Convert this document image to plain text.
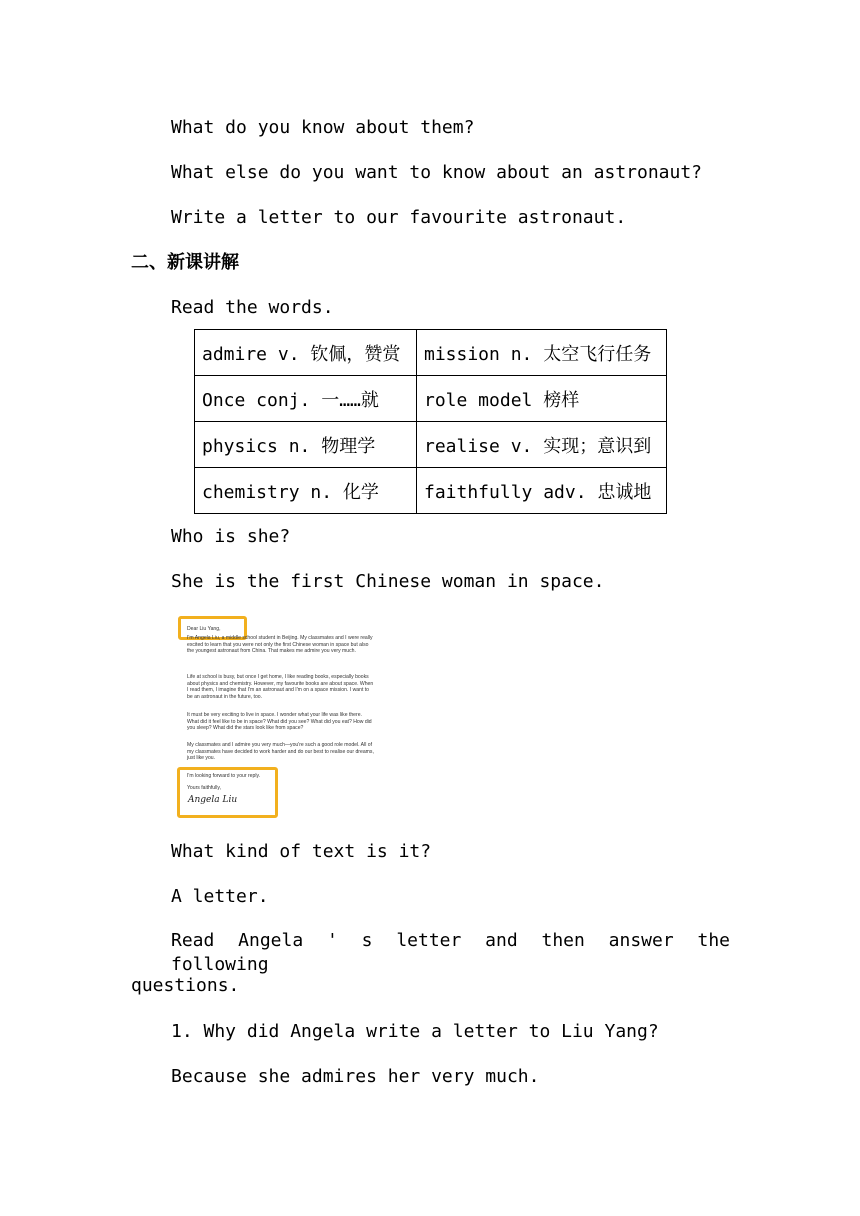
What do you know about them?
What else do you want to know about an astronaut?
Write a letter to our favourite astronaut.
二、新课讲解
Read the words.
admire v. 钦佩，赞赏	mission n. 太空飞行任务
Once conj. 一……就	role model 榜样
physics n. 物理学	realise v. 实现；意识到
chemistry n. 化学	faithfully adv. 忠诚地
Who is she?
She is the first Chinese woman in space.

Dear Liu Yang,

I'm Angela Liu, a middle school student in Beijing. My classmates and I were really excited to learn that you were not only the first Chinese woman in space but also the youngest astronaut from China. That makes me admire you very much.

Life at school is busy, but once I get home, I like reading books, especially books about physics and chemistry. However, my favourite books are about space. When I read them, I imagine that I'm an astronaut and I'm on a space mission. I want to be an astronaut in the future, too.

It must be very exciting to live in space. I wonder what your life was like there. What did it feel like to be in space? What did you see? What did you eat? How did you sleep? What did the stars look like from space?

My classmates and I admire you very much—you're such a good role model. All of my classmates have decided to work harder and do our best to realise our dreams, just like you.

I'm looking forward to your reply.

Yours faithfully,

Angela Liu
What kind of text is it?
A letter.
Read Angela ' s letter and then answer the following
questions.
1. Why did Angela write a letter to Liu Yang?
Because she admires her very much.
